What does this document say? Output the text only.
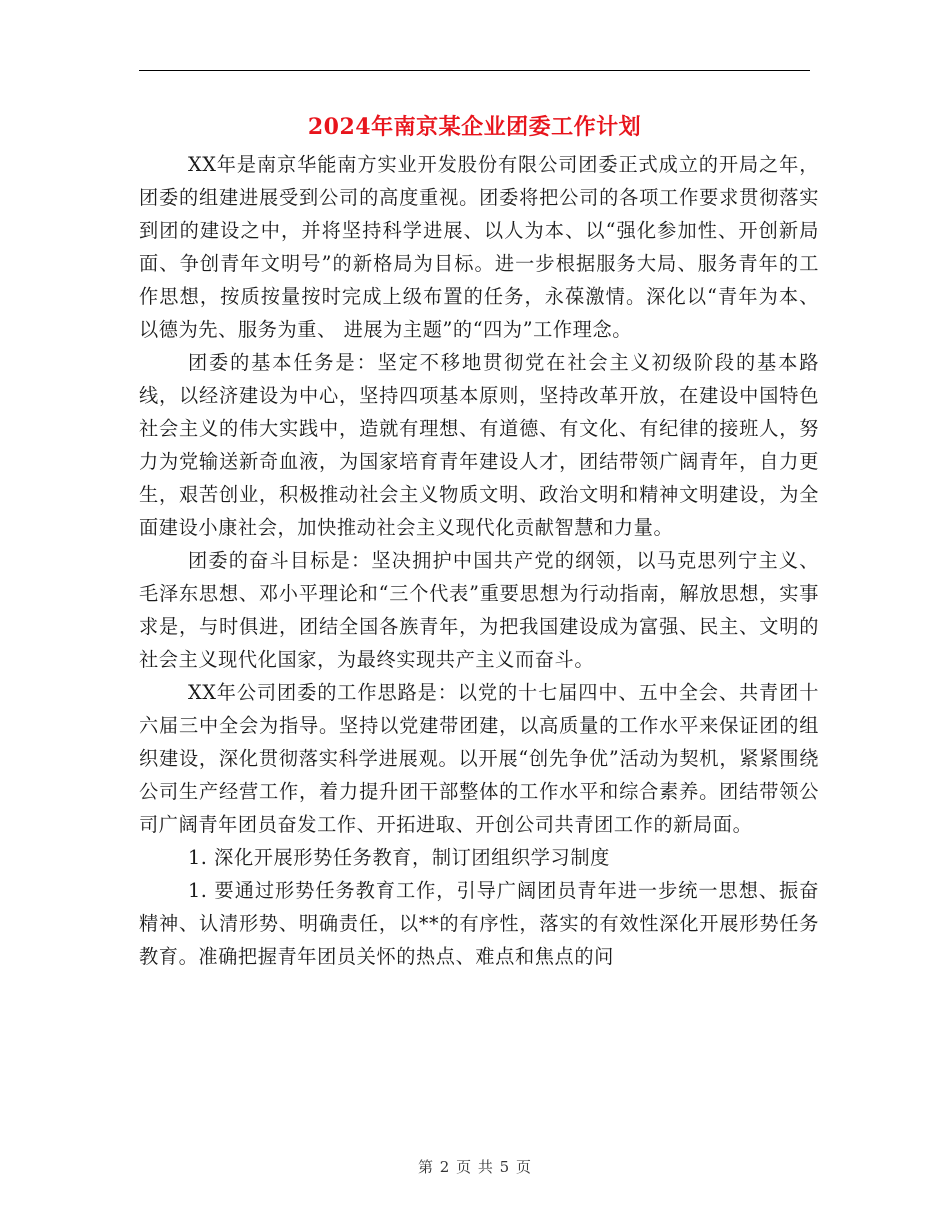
2024年南京某企业团委工作计划

XX年是南京华能南方实业开发股份有限公司团委正式成立的开局之年，团委的组建进展受到公司的高度重视。团委将把公司的各项工作要求贯彻落实到团的建设之中，并将坚持科学进展、以人为本、以“强化参加性、开创新局面、争创青年文明号”的新格局为目标。进一步根据服务大局、服务青年的工作思想，按质按量按时完成上级布置的任务，永葆激情。深化以“青年为本、以德为先、服务为重、 进展为主题”的“四为”工作理念。

团委的基本任务是：坚定不移地贯彻党在社会主义初级阶段的基本路线，以经济建设为中心，坚持四项基本原则，坚持改革开放，在建设中国特色社会主义的伟大实践中，造就有理想、有道德、有文化、有纪律的接班人，努力为党输送新奇血液，为国家培育青年建设人才，团结带领广阔青年，自力更生，艰苦创业，积极推动社会主义物质文明、政治文明和精神文明建设，为全面建设小康社会，加快推动社会主义现代化贡献智慧和力量。

团委的奋斗目标是：坚决拥护中国共产党的纲领，以马克思列宁主义、毛泽东思想、邓小平理论和“三个代表”重要思想为行动指南，解放思想，实事求是，与时俱进，团结全国各族青年，为把我国建设成为富强、民主、文明的社会主义现代化国家，为最终实现共产主义而奋斗。

XX年公司团委的工作思路是：以党的十七届四中、五中全会、共青团十六届三中全会为指导。坚持以党建带团建，以高质量的工作水平来保证团的组织建设，深化贯彻落实科学进展观。以开展“创先争优”活动为契机，紧紧围绕公司生产经营工作，着力提升团干部整体的工作水平和综合素养。团结带领公司广阔青年团员奋发工作、开拓进取、开创公司共青团工作的新局面。

1. 深化开展形势任务教育，制订团组织学习制度

1. 要通过形势任务教育工作，引导广阔团员青年进一步统一思想、振奋精神、认清形势、明确责任，以**的有序性，落实的有效性深化开展形势任务教育。准确把握青年团员关怀的热点、难点和焦点的问

第 2 页 共 5 页
